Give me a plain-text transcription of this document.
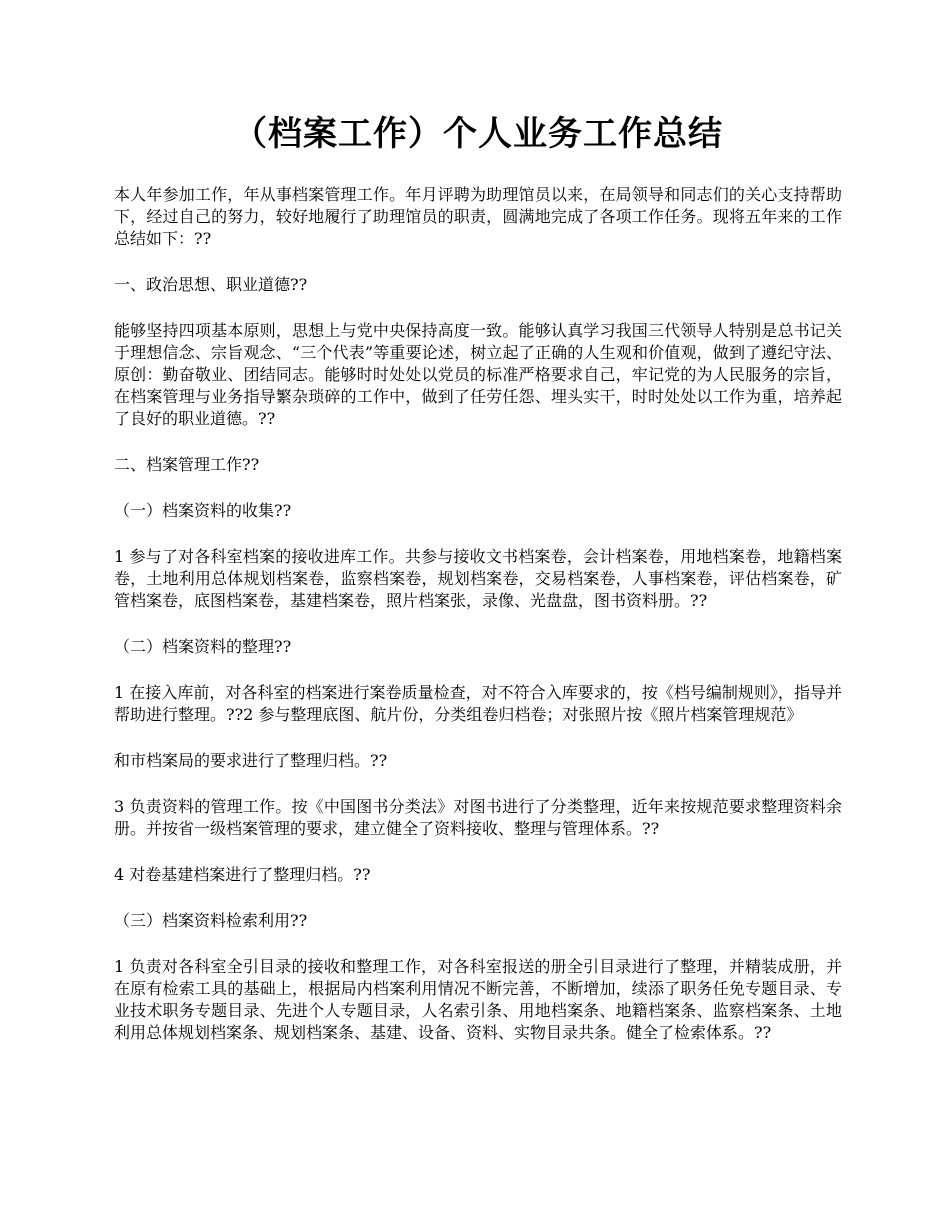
（档案工作）个人业务工作总结

本人年参加工作，年从事档案管理工作。年月评聘为助理馆员以来，在局领导和同志们的关心支持帮助下，经过自己的努力，较好地履行了助理馆员的职责，圆满地完成了各项工作任务。现将五年来的工作总结如下：??

一、政治思想、职业道德??

能够坚持四项基本原则，思想上与党中央保持高度一致。能够认真学习我国三代领导人特别是总书记关于理想信念、宗旨观念、“三个代表”等重要论述，树立起了正确的人生观和价值观，做到了遵纪守法、原创：勤奋敬业、团结同志。能够时时处处以党员的标准严格要求自己，牢记党的为人民服务的宗旨，在档案管理与业务指导繁杂琐碎的工作中，做到了任劳任怨、埋头实干，时时处处以工作为重，培养起了良好的职业道德。??

二、档案管理工作??

（一）档案资料的收集??

1 参与了对各科室档案的接收进库工作。共参与接收文书档案卷，会计档案卷，用地档案卷，地籍档案卷，土地利用总体规划档案卷，监察档案卷，规划档案卷，交易档案卷，人事档案卷，评估档案卷，矿管档案卷，底图档案卷，基建档案卷，照片档案张，录像、光盘盘，图书资料册。??

（二）档案资料的整理??

1 在接入库前，对各科室的档案进行案卷质量检查，对不符合入库要求的，按《档号编制规则》，指导并帮助进行整理。??2 参与整理底图、航片份，分类组卷归档卷；对张照片按《照片档案管理规范》

和市档案局的要求进行了整理归档。??

3 负责资料的管理工作。按《中国图书分类法》对图书进行了分类整理，近年来按规范要求整理资料余册。并按省一级档案管理的要求，建立健全了资料接收、整理与管理体系。??

4 对卷基建档案进行了整理归档。??

（三）档案资料检索利用??

1 负责对各科室全引目录的接收和整理工作，对各科室报送的册全引目录进行了整理，并精装成册，并在原有检索工具的基础上，根据局内档案利用情况不断完善，不断增加，续添了职务任免专题目录、专业技术职务专题目录、先进个人专题目录，人名索引条、用地档案条、地籍档案条、监察档案条、土地利用总体规划档案条、规划档案条、基建、设备、资料、实物目录共条。健全了检索体系。??
